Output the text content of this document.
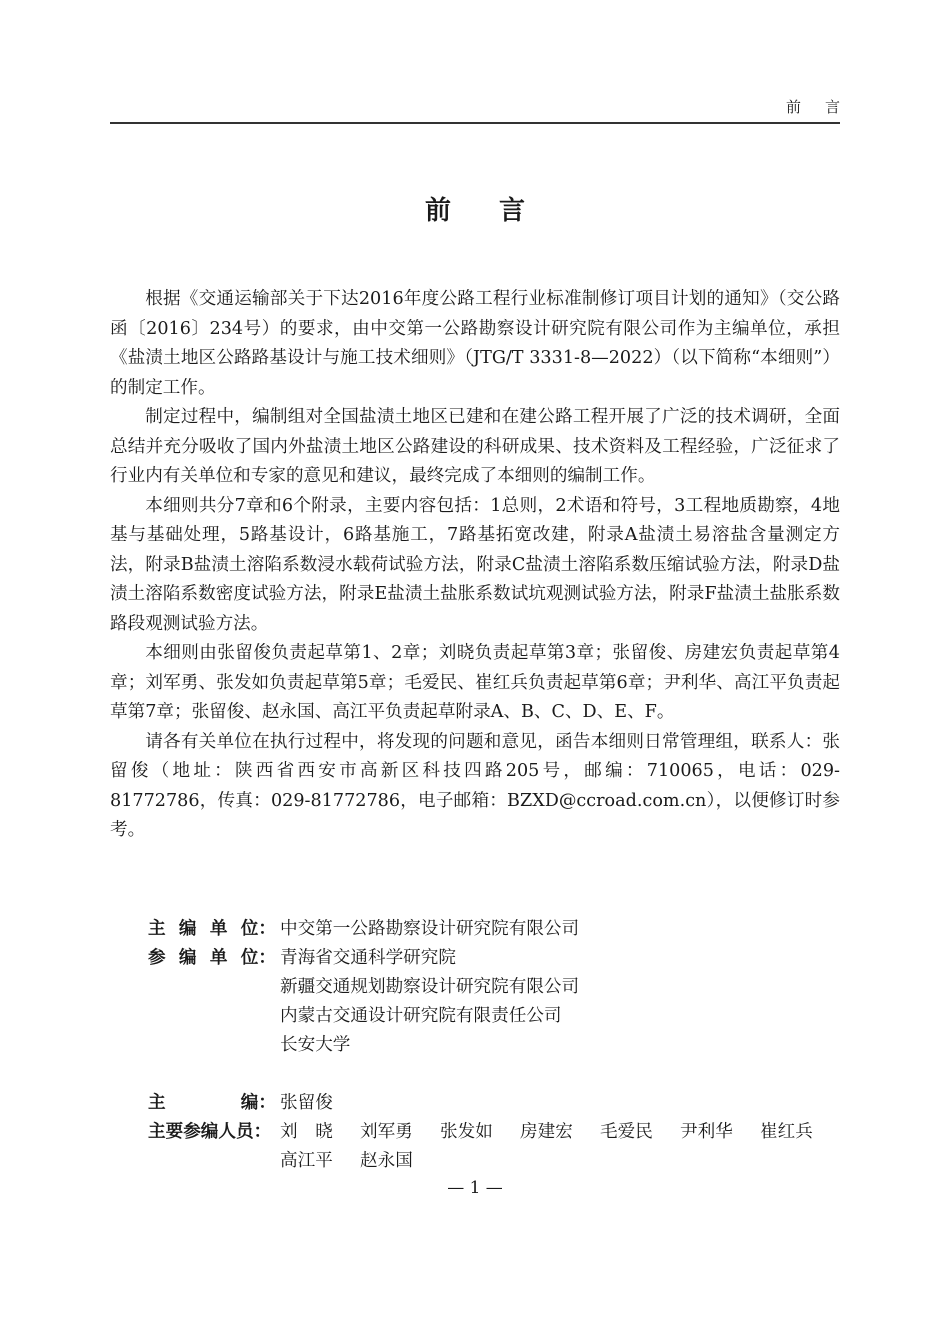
前言
前言

根据《交通运输部关于下达2016年度公路工程行业标准制修订项目计划的通知》（交公路函〔2016〕234号）的要求，由中交第一公路勘察设计研究院有限公司作为主编单位，承担《盐渍土地区公路路基设计与施工技术细则》（JTG/T 3331-8—2022）（以下简称“本细则”）的制定工作。

制定过程中，编制组对全国盐渍土地区已建和在建公路工程开展了广泛的技术调研，全面总结并充分吸收了国内外盐渍土地区公路建设的科研成果、技术资料及工程经验，广泛征求了行业内有关单位和专家的意见和建议，最终完成了本细则的编制工作。

本细则共分7章和6个附录，主要内容包括：1总则，2术语和符号，3工程地质勘察，4地基与基础处理，5路基设计，6路基施工，7路基拓宽改建，附录A盐渍土易溶盐含量测定方法，附录B盐渍土溶陷系数浸水载荷试验方法，附录C盐渍土溶陷系数压缩试验方法，附录D盐渍土溶陷系数密度试验方法，附录E盐渍土盐胀系数试坑观测试验方法，附录F盐渍土盐胀系数路段观测试验方法。

本细则由张留俊负责起草第1、2章；刘晓负责起草第3章；张留俊、房建宏负责起草第4章；刘军勇、张发如负责起草第5章；毛爱民、崔红兵负责起草第6章；尹利华、高江平负责起草第7章；张留俊、赵永国、高江平负责起草附录A、B、C、D、E、F。

请各有关单位在执行过程中，将发现的问题和意见，函告本细则日常管理组，联系人：张留俊（地址：陕西省西安市高新区科技四路205号，邮编：710065，电话：029-81772786，传真：029-81772786，电子邮箱：BZXD@ccroad.com.cn），以便修订时参考。

主 编 单 位： 中交第一公路勘察设计研究院有限公司
参 编 单 位： 青海省交通科学研究院
新疆交通规划勘察设计研究院有限公司
内蒙古交通设计研究院有限责任公司
长安大学
主	编： 张留俊
主要参编人员： 刘　晓	刘军勇	张发如	房建宏	毛爱民	尹利华	崔红兵
高江平	赵永国
— 1 —
